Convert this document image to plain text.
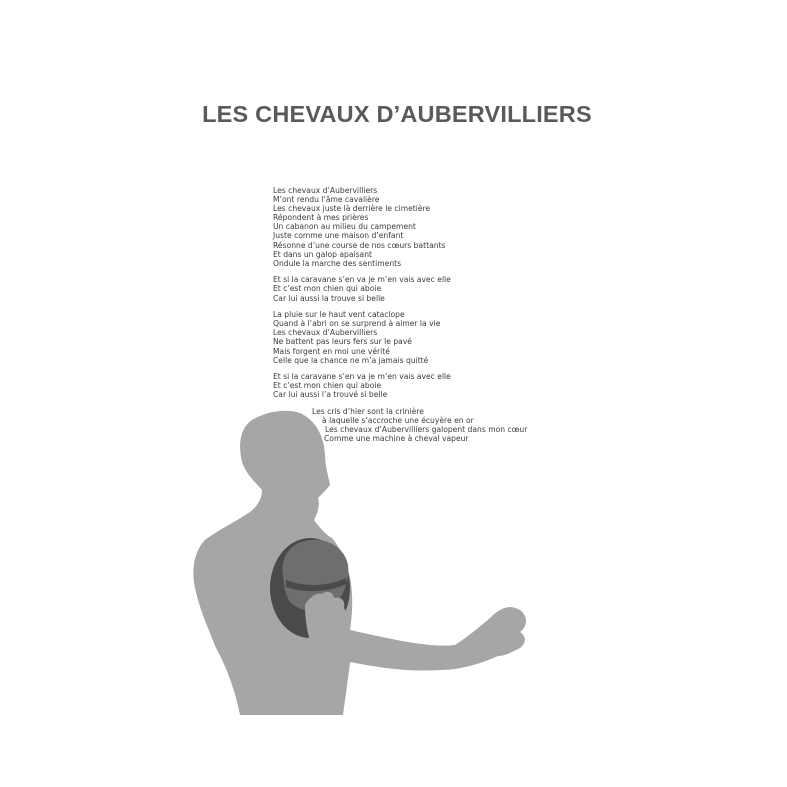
LES CHEVAUX D’AUBERVILLIERS
Les chevaux d’Aubervilliers
M’ont rendu l’âme cavalière
Les chevaux juste là derrière le cimetière
Répondent à mes prières
Un cabanon au milieu du campement
Juste comme une maison d’enfant
Résonne d’une course de nos cœurs battants
Et dans un galop apaisant
Ondule la marche des sentiments
Et si la caravane s’en va je m’en vais avec elle
Et c’est mon chien qui aboie
Car lui aussi la trouve si belle
La pluie sur le haut vent cataclope
Quand à l’abri on se surprend à aimer la vie
Les chevaux d’Aubervilliers
Ne battent pas leurs fers sur le pavé
Mais forgent en moi une vérité
Celle que la chance ne m’a jamais quitté
Et si la caravane s’en va je m’en vais avec elle
Et c’est mon chien qui aboie
Car lui aussi l’a trouvé si belle
Les cris d’hier sont la crinière
à laquelle s’accroche une écuyère en or
Les chevaux d’Aubervilliers galopent dans mon cœur
Comme une machine à cheval vapeur
